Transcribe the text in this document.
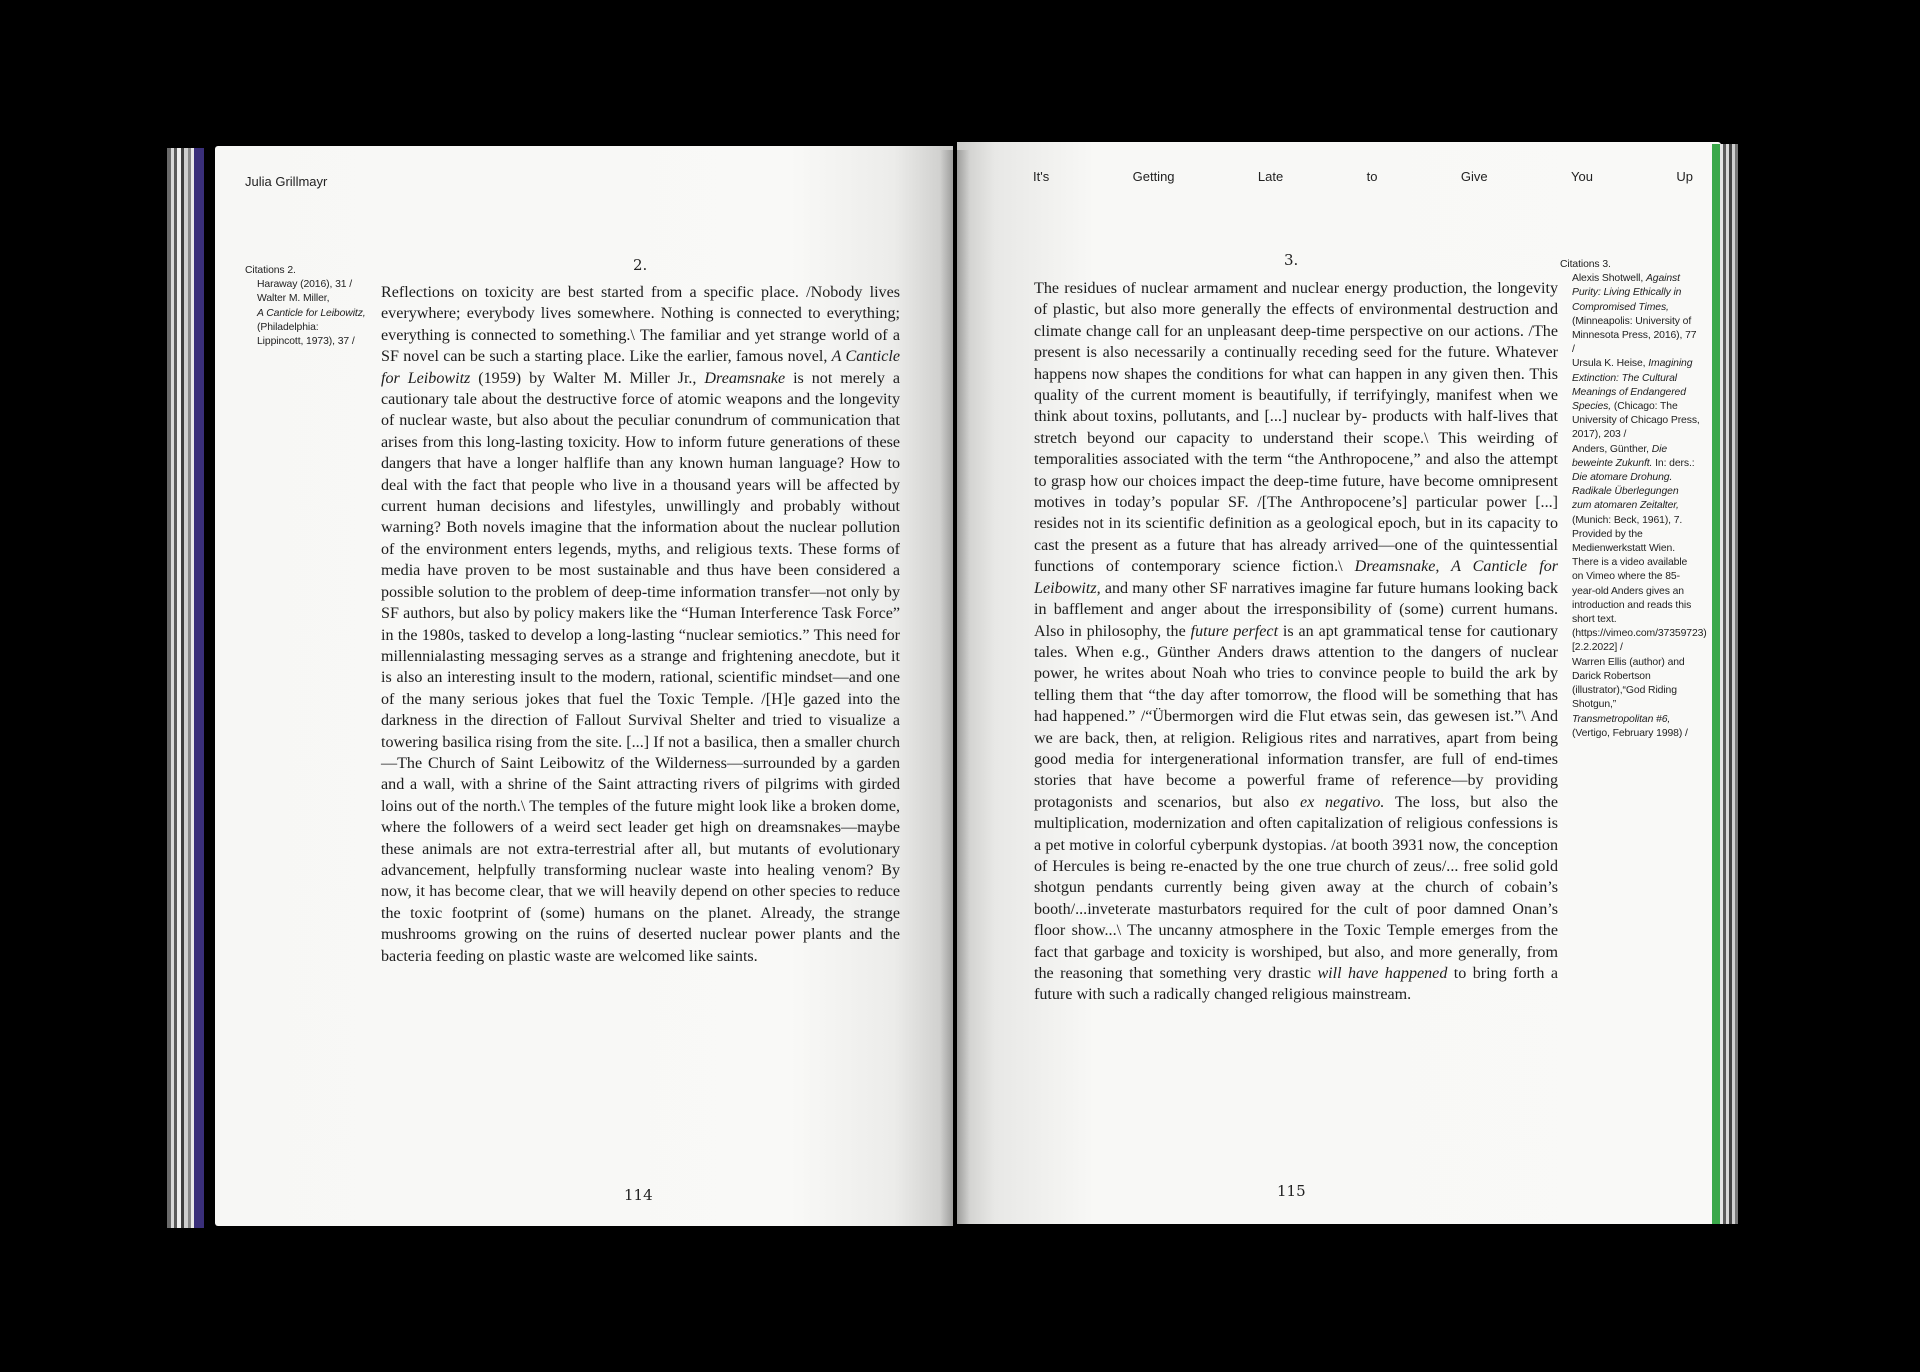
Julia Grillmayr
Citations 2.
Haraway (2016), 31 /
Walter M. Miller,
A Canticle for Leibowitz,
(Philadelphia:
Lippincott, 1973), 37 /
2.
Reflections on toxicity are best started from a specific place. /Nobody lives everywhere; everybody lives somewhere. Nothing is connected to everything; everything is connected to something.\ The familiar and yet strange world of a SF novel can be such a starting place. Like the earlier, famous novel, A Canticle for Leibowitz (1959) by Walter M. Miller Jr., Dreamsnake is not merely a cautionary tale about the destructive force of atomic weapons and the longevity of nuclear waste, but also about the peculiar conundrum of communication that arises from this long-lasting toxicity. How to inform future generations of these dangers that have a longer halflife than any known human language? How to deal with the fact that people who live in a thousand years will be affected by current human decisions and lifestyles, unwillingly and probably without warning? Both novels imagine that the information about the nuclear pollution of the environment enters legends, myths, and religious texts. These forms of media have proven to be most sustainable and thus have been considered a possible solution to the problem of deep-time information transfer—not only by SF authors, but also by policy makers like the “Human Interference Task Force” in the 1980s, tasked to develop a long-lasting “nuclear semiotics.” This need for millennialasting messaging serves as a strange and frightening anecdote, but it is also an interesting insult to the modern, rational, scientific mindset—and one of the many serious jokes that fuel the Toxic Temple. /[H]e gazed into the darkness in the direction of Fallout Survival Shelter and tried to visualize a towering basilica rising from the site. [...] If not a basilica, then a smaller church—The Church of Saint Leibowitz of the Wilderness—surrounded by a garden and a wall, with a shrine of the Saint attracting rivers of pilgrims with girded loins out of the north.\ The temples of the future might look like a broken dome, where the followers of a weird sect leader get high on dreamsnakes—maybe these animals are not extra-terrestrial after all, but mutants of evolutionary advancement, helpfully transforming nuclear waste into healing venom? By now, it has become clear, that we will heavily depend on other species to reduce the toxic footprint of (some) humans on the planet. Already, the strange mushrooms growing on the ruins of deserted nuclear power plants and the bacteria feeding on plastic waste are welcomed like saints.
114
It's	Getting	Late	to	Give	You	Up
3.
The residues of nuclear armament and nuclear energy production, the longevity of plastic, but also more generally the effects of environmental destruction and climate change call for an unpleasant deep-time perspective on our actions. /The present is also necessarily a continually receding seed for the future. Whatever happens now shapes the conditions for what can happen in any given then. This quality of the current moment is beautifully, if terrifyingly, manifest when we think about toxins, pollutants, and [...] nuclear by- products with half-lives that stretch beyond our capacity to understand their scope.\ This weirding of temporalities associated with the term “the Anthropocene,” and also the attempt to grasp how our choices impact the deep-time future, have become omnipresent motives in today’s popular SF. /[The Anthropocene’s] particular power [...] resides not in its scientific definition as a geological epoch, but in its capacity to cast the present as a future that has already arrived—one of the quintessential functions of contemporary science fiction.\ Dreamsnake, A Canticle for Leibowitz, and many other SF narratives imagine far future humans looking back in bafflement and anger about the irresponsibility of (some) current humans. Also in philosophy, the future perfect is an apt grammatical tense for cautionary tales. When e.g., Günther Anders draws attention to the dangers of nuclear power, he writes about Noah who tries to convince people to build the ark by telling them that “the day after tomorrow, the flood will be something that has had happened.” /“Übermorgen wird die Flut etwas sein, das gewesen ist.”\ And we are back, then, at religion. Religious rites and narratives, apart from being good media for intergenerational information transfer, are full of end-times stories that have become a powerful frame of reference—by providing protagonists and scenarios, but also ex negativo. The loss, but also the multiplication, modernization and often capitalization of religious confessions is a pet motive in colorful cyberpunk dystopias. /at booth 3931 now, the conception of Hercules is being re-enacted by the one true church of zeus/... free solid gold shotgun pendants currently being given away at the church of cobain’s booth/...inveterate masturbators required for the cult of poor damned Onan’s floor show...\ The uncanny atmosphere in the Toxic Temple emerges from the fact that garbage and toxicity is worshiped, but also, and more generally, from the reasoning that something very drastic will have happened to bring forth a future with such a radically changed religious mainstream.
Citations 3.
Alexis Shotwell, Against Purity: Living Ethically in Compromised Times, (Minneapolis: University of Minnesota Press, 2016), 77 /
Ursula K. Heise, Imagining Extinction: The Cultural Meanings of Endangered Species, (Chicago: The University of Chicago Press, 2017), 203 /
Anders, Günther, Die beweinte Zukunft. In: ders.: Die atomare Drohung. Radikale Überlegungen zum atomaren Zeitalter, (Munich: Beck, 1961), 7. Provided by the Medienwerkstatt Wien. There is a video available on Vimeo where the 85-year-old Anders gives an introduction and reads this short text. (https://vimeo.com/37359723) [2.2.2022] /
Warren Ellis (author) and Darick Robertson (illustrator),“God Riding Shotgun,” Transmetropolitan #6, (Vertigo, February 1998) /
115
